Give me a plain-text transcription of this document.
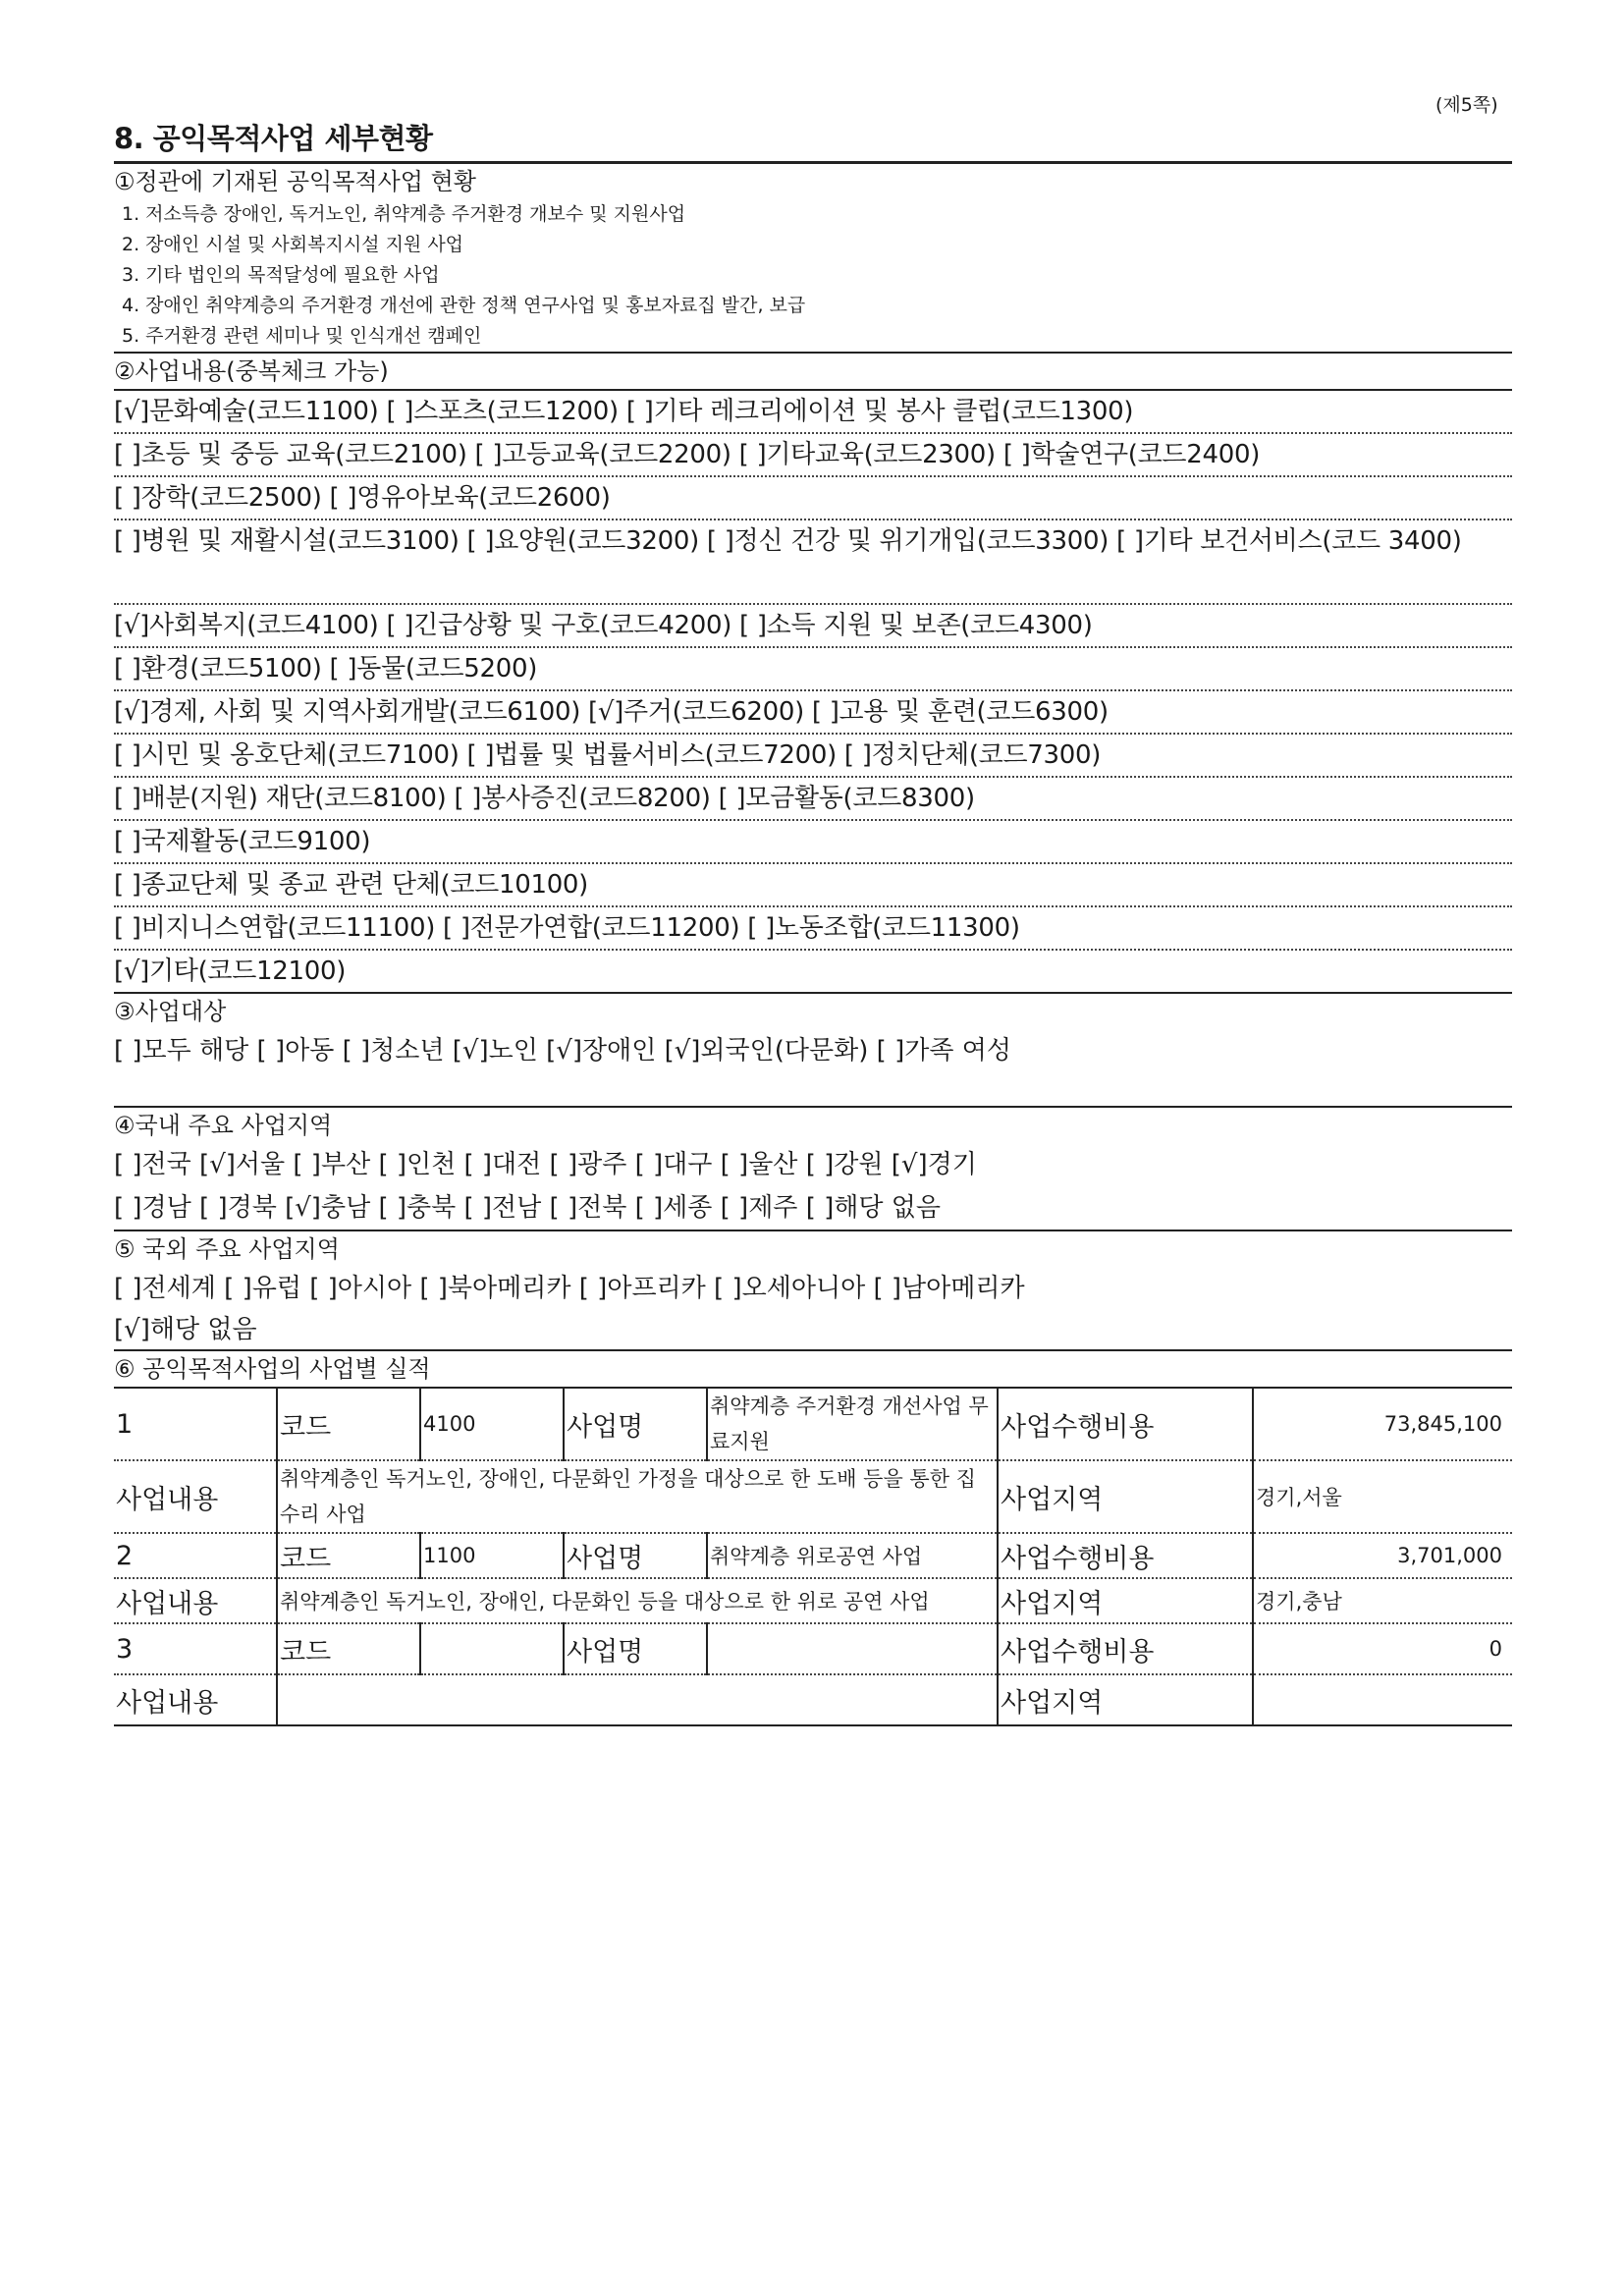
(제5쪽)
8. 공익목적사업 세부현황
①정관에 기재된 공익목적사업 현황
1. 저소득층 장애인, 독거노인, 취약계층 주거환경 개보수 및 지원사업
2. 장애인 시설 및 사회복지시설 지원 사업
3. 기타 법인의 목적달성에 필요한 사업
4. 장애인 취약계층의 주거환경 개선에 관한 정책 연구사업 및 홍보자료집 발간, 보급
5. 주거환경 관련 세미나 및 인식개선 캠페인
②사업내용(중복체크 가능)
[√]문화예술(코드1100) [ ]스포츠(코드1200) [ ]기타 레크리에이션 및 봉사 클럽(코드1300)
[ ]초등 및 중등 교육(코드2100) [ ]고등교육(코드2200) [ ]기타교육(코드2300) [ ]학술연구(코드2400)
[ ]장학(코드2500) [ ]영유아보육(코드2600)
[ ]병원 및 재활시설(코드3100) [ ]요양원(코드3200) [ ]정신 건강 및 위기개입(코드3300) [ ]기타 보건서비스(코드 3400)
[√]사회복지(코드4100) [ ]긴급상황 및 구호(코드4200) [ ]소득 지원 및 보존(코드4300)
[ ]환경(코드5100) [ ]동물(코드5200)
[√]경제, 사회 및 지역사회개발(코드6100) [√]주거(코드6200) [ ]고용 및 훈련(코드6300)
[ ]시민 및 옹호단체(코드7100) [ ]법률 및 법률서비스(코드7200) [ ]정치단체(코드7300)
[ ]배분(지원) 재단(코드8100) [ ]봉사증진(코드8200) [ ]모금활동(코드8300)
[ ]국제활동(코드9100)
[ ]종교단체 및 종교 관련 단체(코드10100)
[ ]비지니스연합(코드11100) [ ]전문가연합(코드11200) [ ]노동조합(코드11300)
[√]기타(코드12100)
③사업대상
[ ]모두 해당 [ ]아동 [ ]청소년 [√]노인 [√]장애인 [√]외국인(다문화) [ ]가족 여성
④국내 주요 사업지역
[ ]전국 [√]서울 [ ]부산 [ ]인천 [ ]대전 [ ]광주 [ ]대구 [ ]울산 [ ]강원 [√]경기
[ ]경남 [ ]경북 [√]충남 [ ]충북 [ ]전남 [ ]전북 [ ]세종 [ ]제주 [ ]해당 없음
⑤ 국외 주요 사업지역
[ ]전세계 [ ]유럽 [ ]아시아 [ ]북아메리카 [ ]아프리카 [ ]오세아니아 [ ]남아메리카
[√]해당 없음
⑥ 공익목적사업의 사업별 실적
1	코드	4100	사업명	취약계층 주거환경 개선사업 무료지원	사업수행비용	73,845,100
사업내용	취약계층인 독거노인, 장애인, 다문화인 가정을 대상으로 한 도배 등을 통한 집수리 사업				사업지역	경기,서울
2	코드	1100	사업명	취약계층 위로공연 사업	사업수행비용	3,701,000
사업내용	취약계층인 독거노인, 장애인, 다문화인 등을 대상으로 한 위로 공연 사업				사업지역	경기,충남
3	코드		사업명		사업수행비용	0
사업내용					사업지역	
